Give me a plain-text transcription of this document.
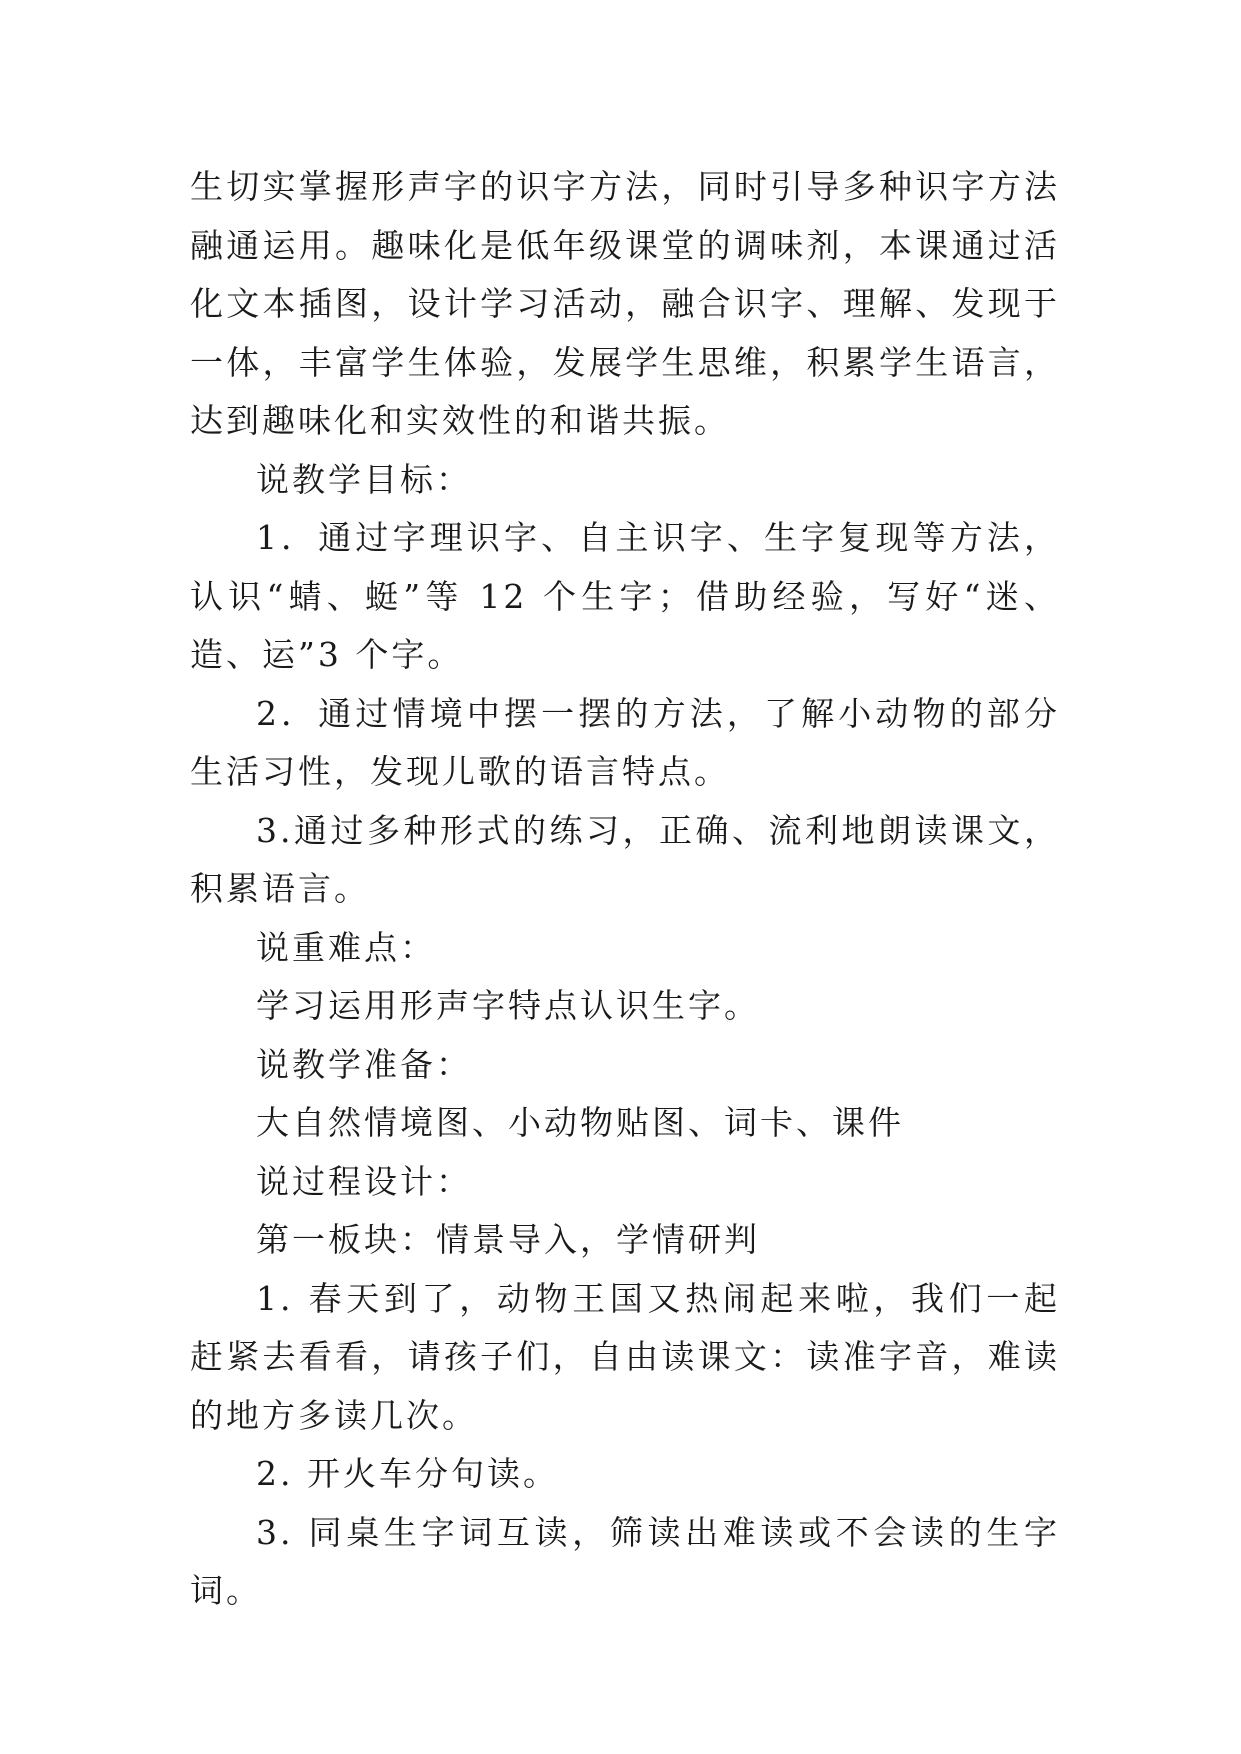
生切实掌握形声字的识字方法，同时引导多种识字方法融通运用。趣味化是低年级课堂的调味剂，本课通过活化文本插图，设计学习活动，融合识字、理解、发现于一体，丰富学生体验，发展学生思维，积累学生语言，达到趣味化和实效性的和谐共振。

说教学目标：

1．通过字理识字、自主识字、生字复现等方法，认识“蜻、蜓”等 12 个生字；借助经验，写好“迷、造、运”3 个字。

2．通过情境中摆一摆的方法，了解小动物的部分生活习性，发现儿歌的语言特点。

3.通过多种形式的练习，正确、流利地朗读课文，积累语言。

说重难点：

学习运用形声字特点认识生字。

说教学准备：

大自然情境图、小动物贴图、词卡、课件

说过程设计：

第一板块：情景导入，学情研判

1. 春天到了，动物王国又热闹起来啦，我们一起赶紧去看看，请孩子们，自由读课文：读准字音，难读的地方多读几次。

2. 开火车分句读。

3. 同桌生字词互读，筛读出难读或不会读的生字词。
